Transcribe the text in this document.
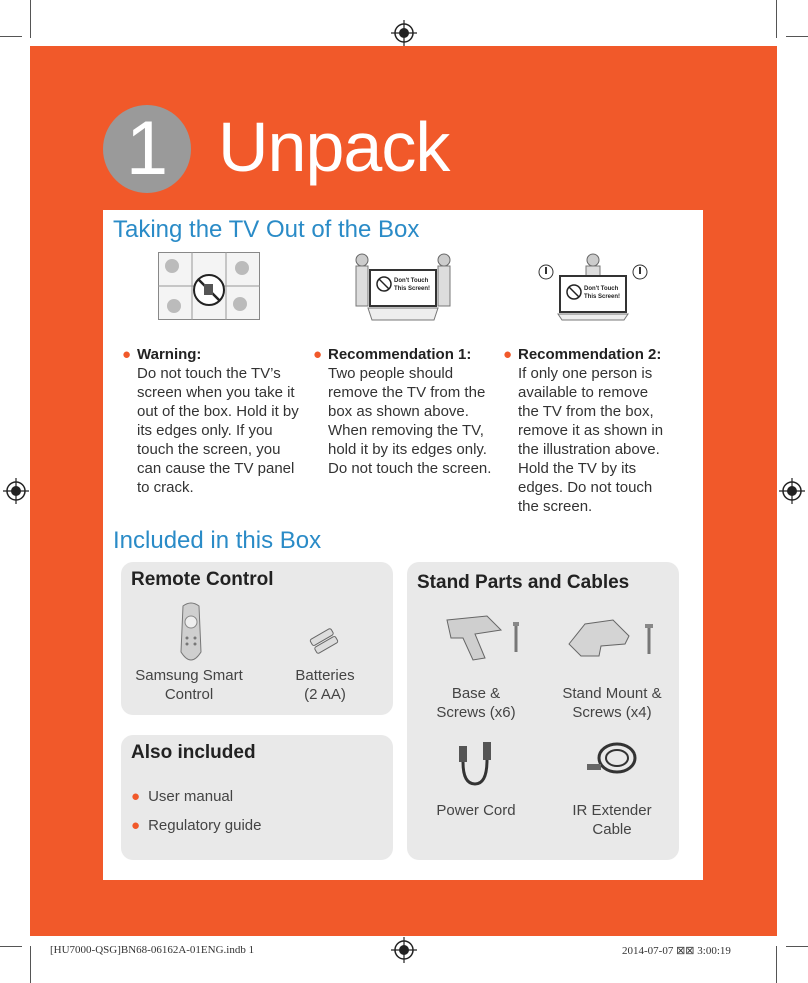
1 Unpack
Taking the TV Out of the Box
Don't Touch
This Screen!	Don't Touch
This Screen!
● Warning:
Do not touch the TV’s screen when you take it out of the box. Hold it by its edges only. If you touch the screen, you can cause the TV panel to crack.
● Recommendation 1:
Two people should remove the TV from the box as shown above. When removing the TV, hold it by its edges only. Do not touch the screen.
● Recommendation 2:
If only one person is available to remove the TV from the box, remove it as shown in the illustration above. Hold the TV by its edges. Do not touch the screen.
Included in this Box
Remote Control
Samsung Smart
Control
Batteries
(2 AA)
Also included
● User manual
● Regulatory guide
Stand Parts and Cables
Base &
Screws (x6)
Stand Mount &
Screws (x4)
Power Cord	IR Extender
Cable
[HU7000-QSG]BN68-06162A-01ENG.indb 1	2014-07-07 ⊠⊠ 3:00:19
